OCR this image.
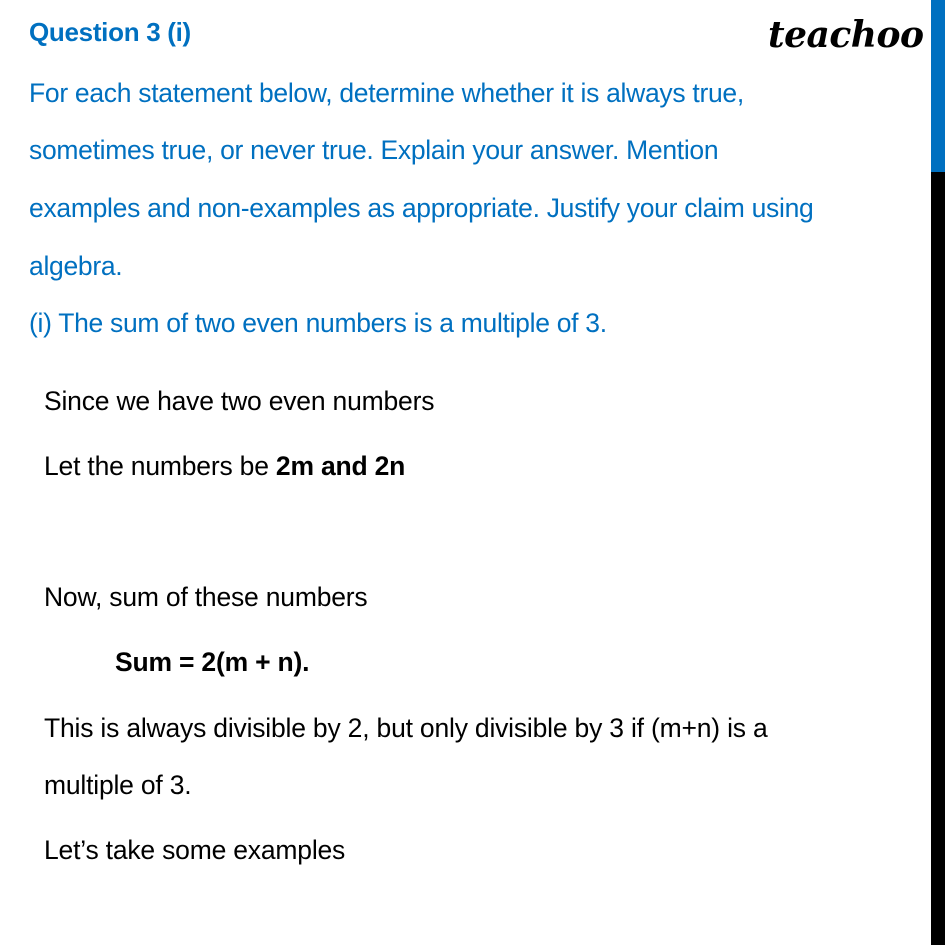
Question 3 (i)	teachoo
For each statement below, determine whether it is always true,
sometimes true, or never true. Explain your answer. Mention
examples and non-examples as appropriate. Justify your claim using
algebra.
(i) The sum of two even numbers is a multiple of 3.
Since we have two even numbers
Let the numbers be 2m and 2n
Now, sum of these numbers
Sum = 2(m + n).
This is always divisible by 2, but only divisible by 3 if (m+n) is a
multiple of 3.
Let’s take some examples
